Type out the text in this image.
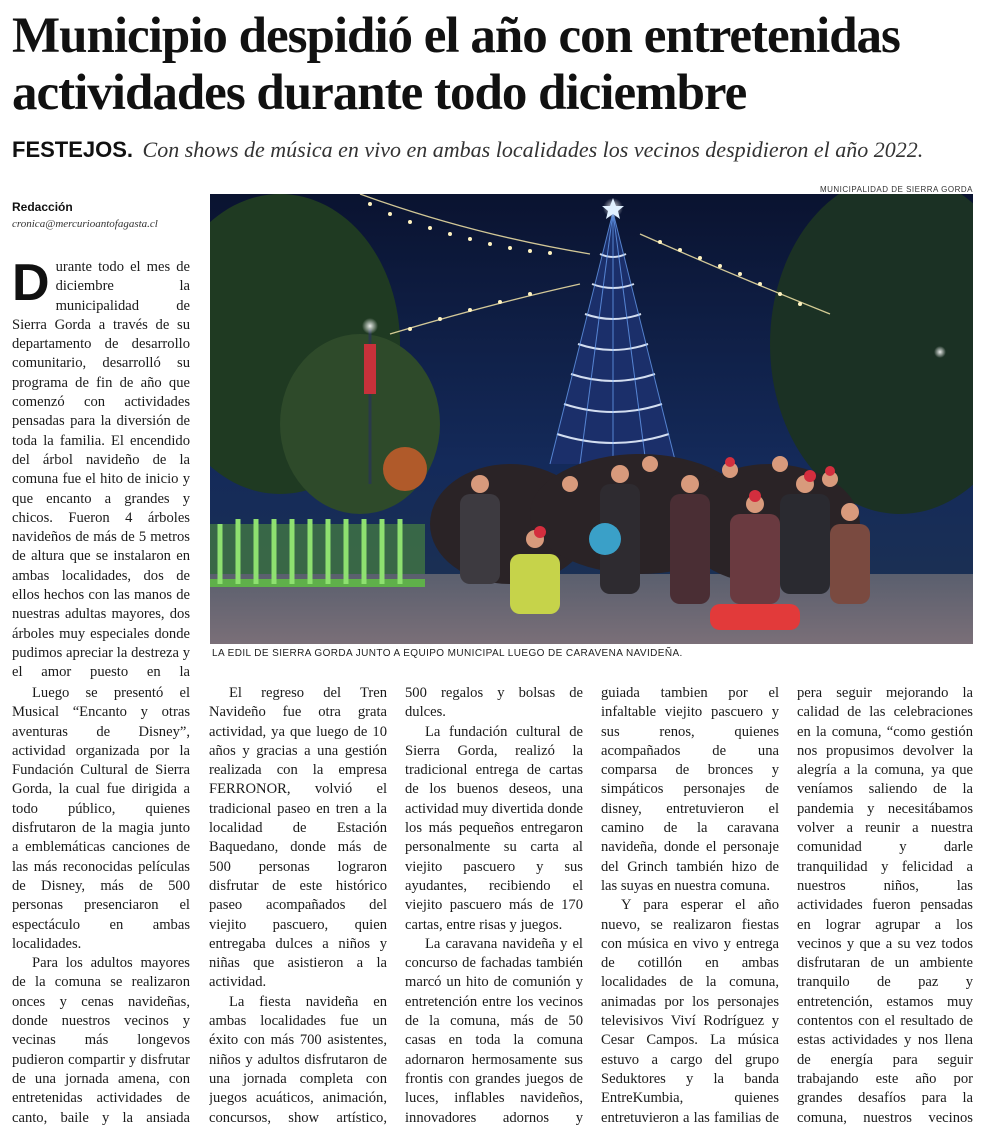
Municipio despidió el año con entretenidas actividades durante todo diciembre
FESTEJOS. Con shows de música en vivo en ambas localidades los vecinos despidieron el año 2022.
Redacción
cronica@mercurioantofagasta.cl
MUNICIPALIDAD DE SIERRA GORDA
LA EDIL DE SIERRA GORDA JUNTO A EQUIPO MUNICIPAL LUEGO DE CARAVENA NAVIDEÑA.

Durante todo el mes de diciembre la municipalidad de Sierra Gorda a través de su departamento de desarrollo comunitario, desarrolló su programa de fin de año que comenzó con actividades pensadas para la diversión de toda la familia. El encendido del árbol navideño de la comuna fue el hito de inicio y que encanto a grandes y chicos. Fueron 4 árboles navideños de más de 5 metros de altura que se instalaron en ambas localidades, dos de ellos hechos con las manos de nuestras adultas mayores, dos árboles muy especiales donde pudimos apreciar la destreza y el amor puesto en la

Luego se presentó el Musical “Encanto y otras aventuras de Disney”, actividad organizada por la Fundación Cultural de Sierra Gorda, la cual fue dirigida a todo público, quienes disfrutaron de la magia junto a emblemáticas canciones de las más reconocidas películas de Disney, más de 500 personas presenciaron el espectáculo en ambas localidades.

Para los adultos mayores de la comuna se realizaron onces y cenas navideñas, donde nuestros vecinos y vecinas más longevos pudieron compartir y disfrutar de una jornada amena, con entretenidas actividades de canto, baile y la ansiada

El regreso del Tren Navideño fue otra grata actividad, ya que luego de 10 años y gracias a una gestión realizada con la empresa FERRONOR, volvió el tradicional paseo en tren a la localidad de Estación Baquedano, donde más de 500 personas lograron disfrutar de este histórico paseo acompañados del viejito pascuero, quien entregaba dulces a niños y niñas que asistieron a la actividad.

La fiesta navideña en ambas localidades fue un éxito con más 700 asistentes, niños y adultos disfrutaron de una jornada completa con juegos acuáticos, animación, concursos, show artístico,

500 regalos y bolsas de dulces.

La fundación cultural de Sierra Gorda, realizó la tradicional entrega de cartas de los buenos deseos, una actividad muy divertida donde los más pequeños entregaron personalmente su carta al viejito pascuero y sus ayudantes, recibiendo el viejito pascuero más de 170 cartas, entre risas y juegos.

La caravana navideña y el concurso de fachadas también marcó un hito de comunión y entretención entre los vecinos de la comuna, más de 50 casas en toda la comuna adornaron hermosamente sus frontis con grandes juegos de luces, inflables navideños, innovadores adornos y

guiada tambien por el infaltable viejito pascuero y sus renos, quienes acompañados de una comparsa de bronces y simpáticos personajes de disney, entretuvieron el camino de la caravana navideña, donde el personaje del Grinch también hizo de las suyas en nuestra comuna.

Y para esperar el año nuevo, se realizaron fiestas con música en vivo y entrega de cotillón en ambas localidades de la comuna, animadas por los personajes televisivos Viví Rodríguez y Cesar Campos. La música estuvo a cargo del grupo Seduktores y la banda EntreKumbia, quienes entretuvieron a las familias de

pera seguir mejorando la calidad de las celebraciones en la comuna, “como gestión nos propusimos devolver la alegría a la comuna, ya que veníamos saliendo de la pandemia y necesitábamos volver a reunir a nuestra comunidad y darle tranquilidad y felicidad a nuestros niños, las actividades fueron pensadas en lograr agrupar a los vecinos y que a su vez todos disfrutaran de un ambiente tranquilo de paz y entretención, estamos muy contentos con el resultado de estas actividades y nos llena de energía para seguir trabajando este año por grandes desafíos para la comuna, nuestros vecinos
